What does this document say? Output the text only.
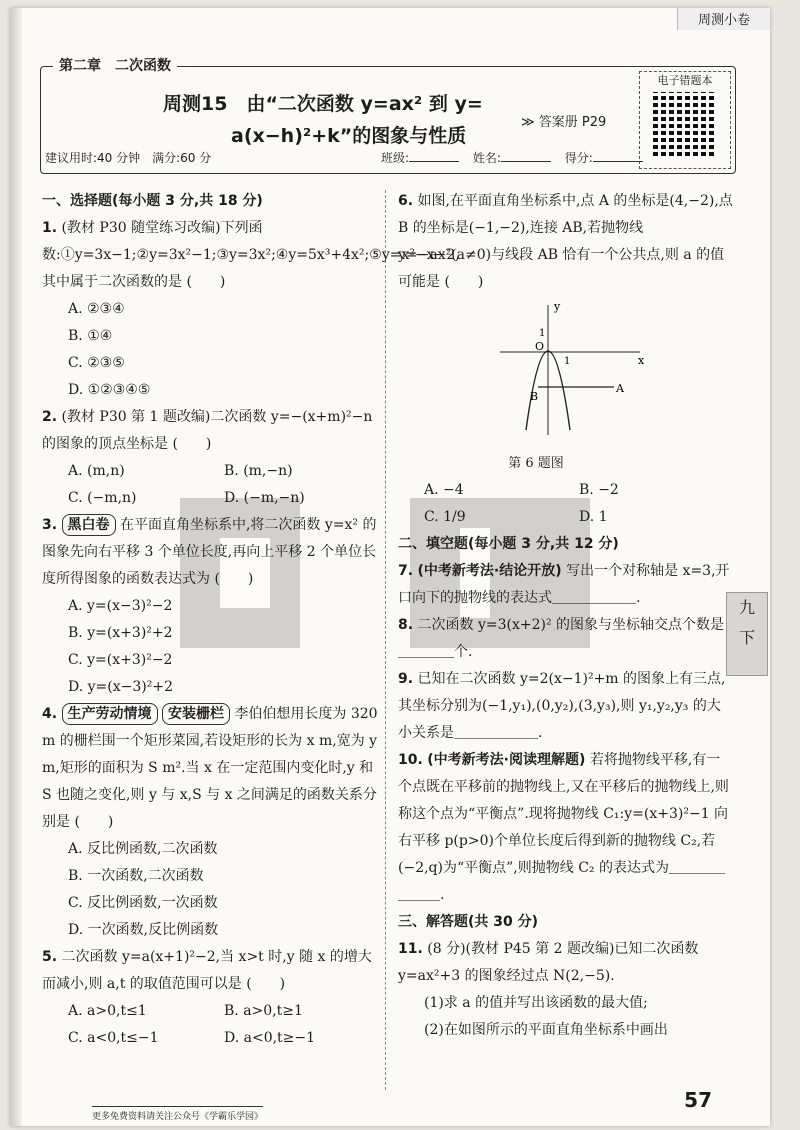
周测小卷
第二章　二次函数
周测15　由“二次函数 y=ax² 到 y=
a(x−h)²+k”的图象与性质
≫ 答案册 P29
电子错题本
建议用时:40 分钟　满分:60 分	班级:	姓名:	得分:
一、选择题(每小题 3 分,共 18 分)
1. (教材 P30 随堂练习改编)下列函数:①y=3x−1;②y=3x²−1;③y=3x²;④y=5x³+4x²;⑤y=x²−x−2,其中属于二次函数的是 (　　)
A. ②③④
B. ①④
C. ②③⑤
D. ①②③④⑤
2. (教材 P30 第 1 题改编)二次函数 y=−(x+m)²−n 的图象的顶点坐标是 (　　)
A. (m,n)	B. (m,−n)
C. (−m,n)	D. (−m,−n)
3. 黑白卷 在平面直角坐标系中,将二次函数 y=x² 的图象先向右平移 3 个单位长度,再向上平移 2 个单位长度所得图象的函数表达式为 (　　)
A. y=(x−3)²−2
B. y=(x+3)²+2
C. y=(x+3)²−2
D. y=(x−3)²+2
4. 生产劳动情境 安装栅栏 李伯伯想用长度为 320 m 的栅栏围一个矩形菜园,若设矩形的长为 x m,宽为 y m,矩形的面积为 S m².当 x 在一定范围内变化时,y 和 S 也随之变化,则 y 与 x,S 与 x 之间满足的函数关系分别是 (　　)
A. 反比例函数,二次函数
B. 一次函数,二次函数
C. 反比例函数,一次函数
D. 一次函数,反比例函数
5. 二次函数 y=a(x+1)²−2,当 x>t 时,y 随 x 的增大而减小,则 a,t 的取值范围可以是 (　　)
A. a>0,t≤1	B. a>0,t≥1
C. a<0,t≤−1	D. a<0,t≥−1
6. 如图,在平面直角坐标系中,点 A 的坐标是(4,−2),点 B 的坐标是(−1,−2),连接 AB,若抛物线 y=−ax²(a≠0)与线段 AB 恰有一个公共点,则 a 的值可能是 (　　)
y
x
O
1
1
B
A
第 6 题图
A. −4	B. −2
C. 1/9	D. 1
二、填空题(每小题 3 分,共 12 分)
7. (中考新考法·结论开放) 写出一个对称轴是 x=3,开口向下的抛物线的表达式＿＿＿＿＿＿.
8. 二次函数 y=3(x+2)² 的图象与坐标轴交点个数是＿＿＿＿个.
9. 已知在二次函数 y=2(x−1)²+m 的图象上有三点,其坐标分别为(−1,y₁),(0,y₂),(3,y₃),则 y₁,y₂,y₃ 的大小关系是＿＿＿＿＿＿.
10. (中考新考法·阅读理解题) 若将抛物线平移,有一个点既在平移前的抛物线上,又在平移后的抛物线上,则称这个点为“平衡点”.现将抛物线 C₁:y=(x+3)²−1 向右平移 p(p>0)个单位长度后得到新的抛物线 C₂,若(−2,q)为“平衡点”,则抛物线 C₂ 的表达式为＿＿＿＿＿＿＿.
三、解答题(共 30 分)
11. (8 分)(教材 P45 第 2 题改编)已知二次函数 y=ax²+3 的图象经过点 N(2,−5).
(1)求 a 的值并写出该函数的最大值;
(2)在如图所示的平面直角坐标系中画出
九
下
57
更多免费资料请关注公众号《学霸乐学园》
